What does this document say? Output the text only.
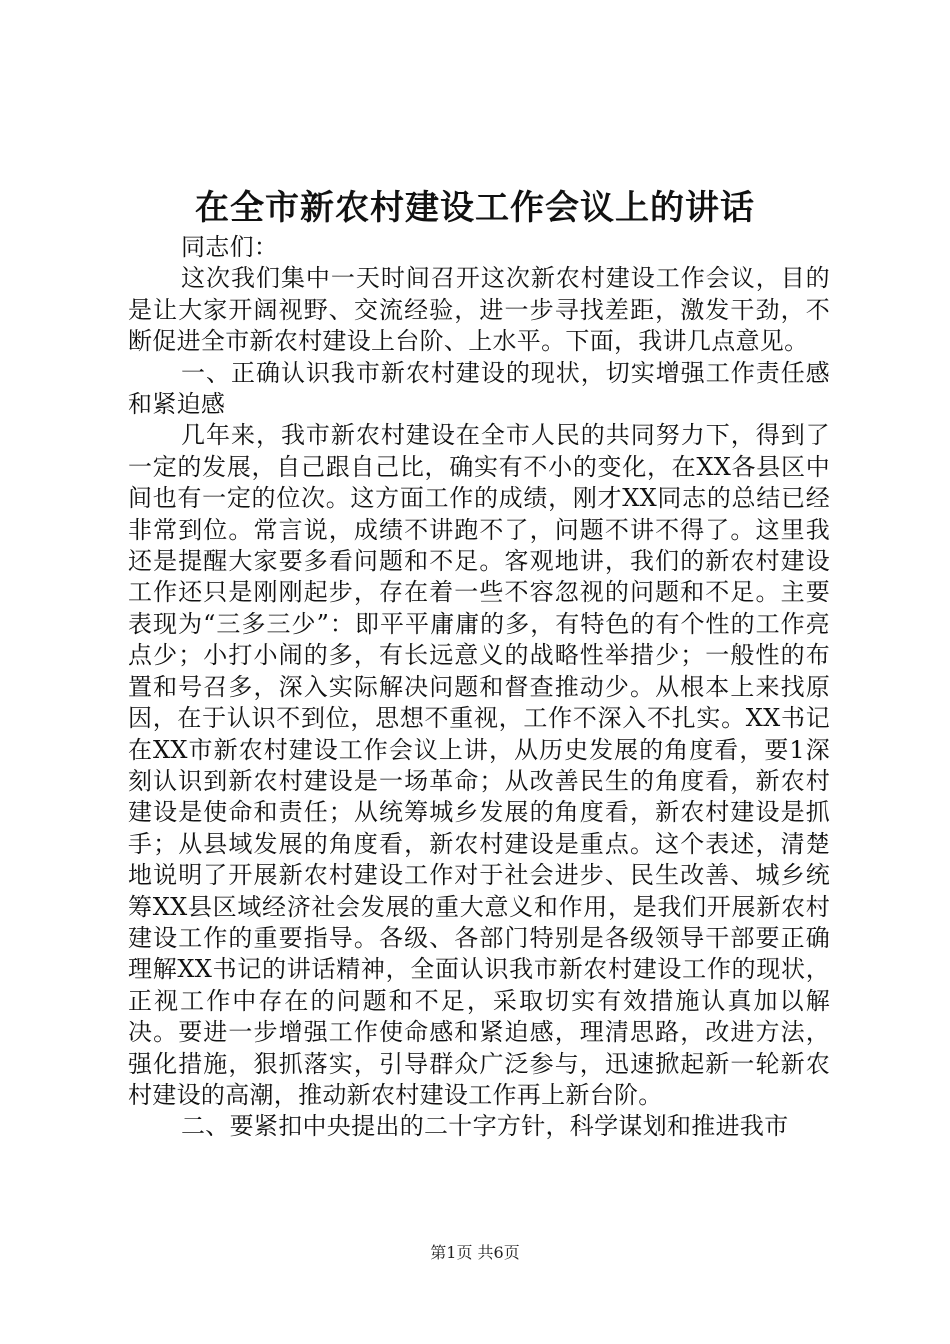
在全市新农村建设工作会议上的讲话

同志们：

这次我们集中一天时间召开这次新农村建设工作会议，目的是让大家开阔视野、交流经验，进一步寻找差距，激发干劲，不断促进全市新农村建设上台阶、上水平。下面，我讲几点意见。

一、正确认识我市新农村建设的现状，切实增强工作责任感和紧迫感

几年来，我市新农村建设在全市人民的共同努力下，得到了一定的发展，自己跟自己比，确实有不小的变化，在XX各县区中间也有一定的位次。这方面工作的成绩，刚才XX同志的总结已经非常到位。常言说，成绩不讲跑不了，问题不讲不得了。这里我还是提醒大家要多看问题和不足。客观地讲，我们的新农村建设工作还只是刚刚起步，存在着一些不容忽视的问题和不足。主要表现为“三多三少”：即平平庸庸的多，有特色的有个性的工作亮点少；小打小闹的多，有长远意义的战略性举措少；一般性的布置和号召多，深入实际解决问题和督查推动少。从根本上来找原因，在于认识不到位，思想不重视，工作不深入不扎实。XX书记在XX市新农村建设工作会议上讲，从历史发展的角度看，要1深刻认识到新农村建设是一场革命；从改善民生的角度看，新农村建设是使命和责任；从统筹城乡发展的角度看，新农村建设是抓手；从县域发展的角度看，新农村建设是重点。这个表述，清楚地说明了开展新农村建设工作对于社会进步、民生改善、城乡统筹XX县区域经济社会发展的重大意义和作用，是我们开展新农村建设工作的重要指导。各级、各部门特别是各级领导干部要正确理解XX书记的讲话精神，全面认识我市新农村建设工作的现状，正视工作中存在的问题和不足，采取切实有效措施认真加以解决。要进一步增强工作使命感和紧迫感，理清思路，改进方法，强化措施，狠抓落实，引导群众广泛参与，迅速掀起新一轮新农村建设的高潮，推动新农村建设工作再上新台阶。

二、要紧扣中央提出的二十字方针，科学谋划和推进我市

第1页 共6页
